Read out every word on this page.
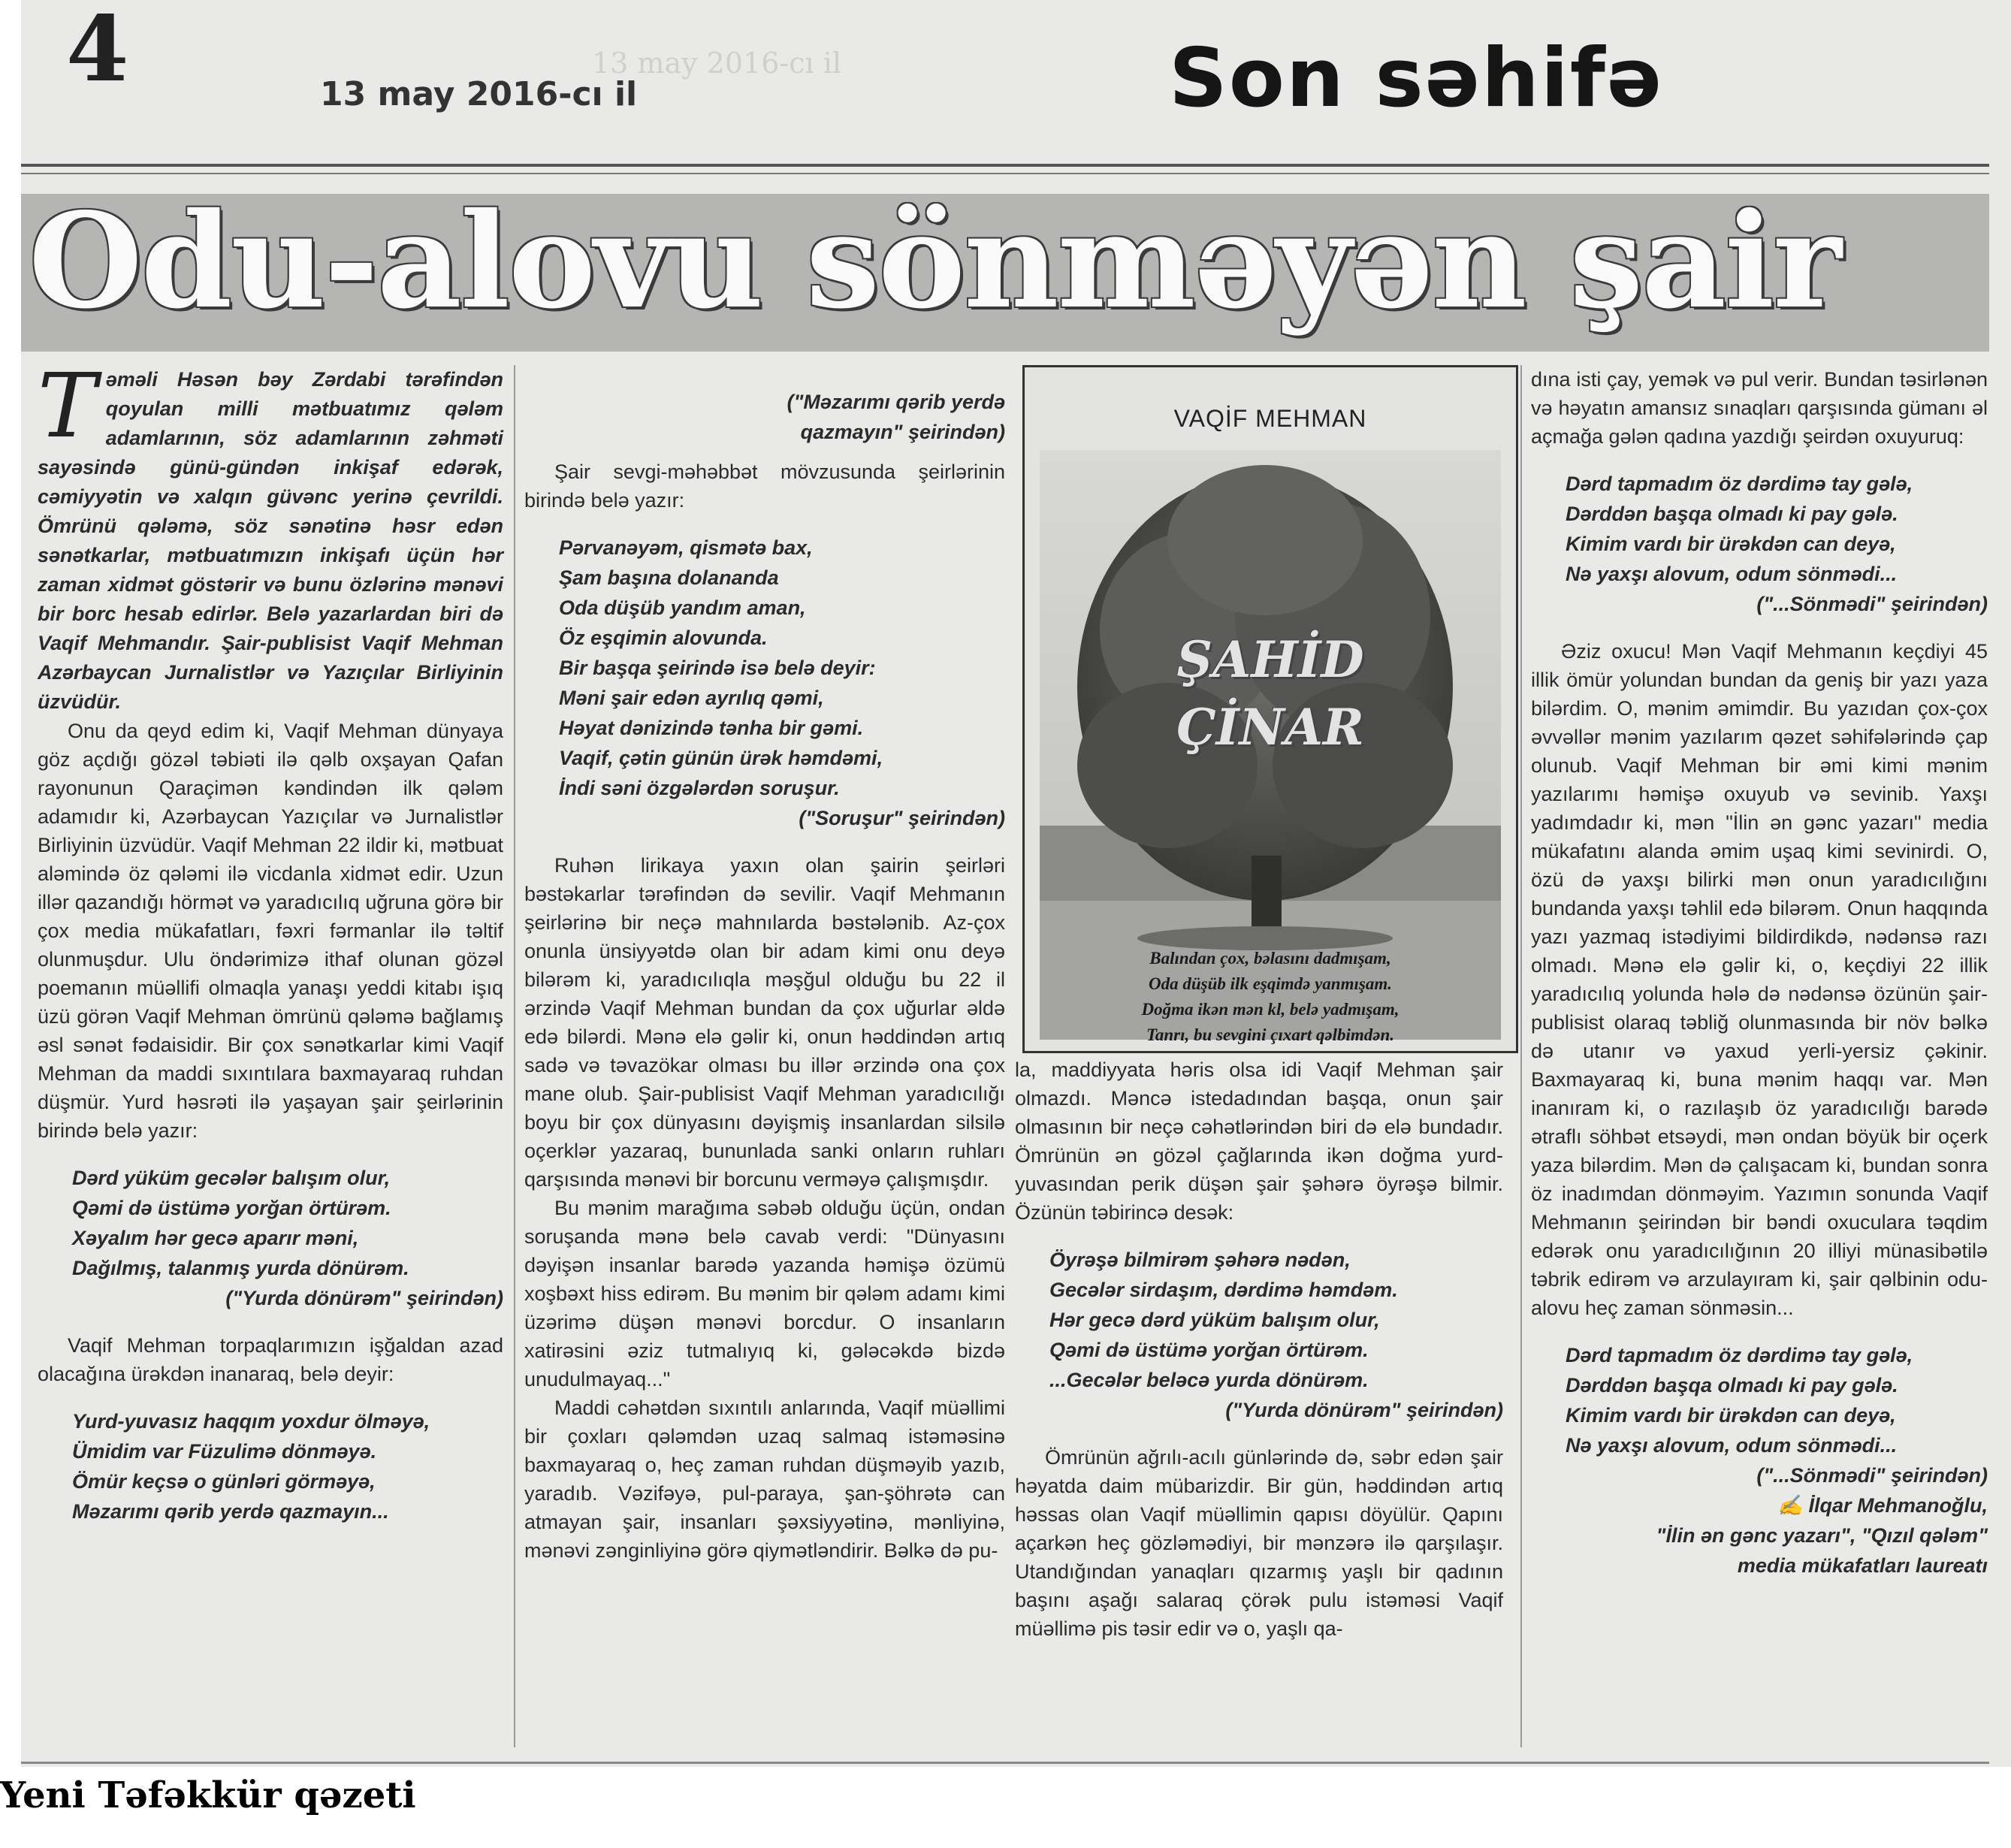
13 may 2016-cı il
4	13 may 2016-cı il	Son səhifə
Odu-alovu sönməyən şair

Təməli Həsən bəy Zərdabi tərəfindən qoyulan milli mətbuatımız qələm adamlarının, söz adamlarının zəhməti sayəsində günü-gündən inkişaf edərək, cəmiyyətin və xalqın güvənc yerinə çevrildi. Ömrünü qələmə, söz sənətinə həsr edən sənətkarlar, mətbuatımızın inkişafı üçün hər zaman xidmət göstərir və bunu özlərinə mənəvi bir borc hesab edirlər. Belə yazarlardan biri də Vaqif Mehmandır. Şair-publisist Vaqif Mehman Azərbaycan Jurnalistlər və Yazıçılar Birliyinin üzvüdür.

Onu da qeyd edim ki, Vaqif Mehman dünyaya göz açdığı gözəl təbiəti ilə qəlb oxşayan Qafan rayonunun Qaraçimən kəndindən ilk qələm adamıdır ki, Azərbaycan Yazıçılar və Jurnalistlər Birliyinin üzvüdür. Vaqif Mehman 22 ildir ki, mətbuat aləmində öz qələmi ilə vicdanla xidmət edir. Uzun illər qazandığı hörmət və yaradıcılıq uğruna görə bir çox media mükafatları, fəxri fərmanlar ilə təltif olunmuşdur. Ulu öndərimizə ithaf olunan gözəl poemanın müəllifi olmaqla yanaşı yeddi kitabı işıq üzü görən Vaqif Mehman ömrünü qələmə bağlamış əsl sənət fədaisidir. Bir çox sənətkarlar kimi Vaqif Mehman da maddi sıxıntılara baxmayaraq ruhdan düşmür. Yurd həsrəti ilə yaşayan şair şeirlərinin birində belə yazır:

Dərd yüküm gecələr balışım olur,
Qəmi də üstümə yorğan örtürəm.
Xəyalım hər gecə aparır məni,
Dağılmış, talanmış yurda dönürəm.
("Yurda dönürəm" şeirindən)

Vaqif Mehman torpaqlarımızın işğaldan azad olacağına ürəkdən inanaraq, belə deyir:

Yurd-yuvasız haqqım yoxdur ölməyə,
Ümidim var Füzulimə dönməyə.
Ömür keçsə o günləri görməyə,
Məzarımı qərib yerdə qazmayın...
("Məzarımı qərib yerdə
qazmayın" şeirindən)

Şair sevgi-məhəbbət mövzusunda şeirlərinin birində belə yazır:

Pərvanəyəm, qismətə bax,
Şam başına dolananda
Oda düşüb yandım aman,
Öz eşqimin alovunda.
Bir başqa şeirində isə belə deyir:
Məni şair edən ayrılıq qəmi,
Həyat dənizində tənha bir gəmi.
Vaqif, çətin günün ürək həmdəmi,
İndi səni özgələrdən soruşur.
("Soruşur" şeirindən)

Ruhən lirikaya yaxın olan şairin şeirləri bəstəkarlar tərəfindən də sevilir. Vaqif Mehmanın şeirlərinə bir neçə mahnılarda bəstələnib. Az-çox onunla ünsiyyətdə olan bir adam kimi onu deyə bilərəm ki, yaradıcılıqla məşğul olduğu bu 22 il ərzində Vaqif Mehman bundan da çox uğurlar əldə edə bilərdi. Mənə elə gəlir ki, onun həddindən artıq sadə və təvazökar olması bu illər ərzində ona çox mane olub. Şair-publisist Vaqif Mehman yaradıcılığı boyu bir çox dünyasını dəyişmiş insanlardan silsilə oçerklər yazaraq, bununlada sanki onların ruhları qarşısında mənəvi bir borcunu verməyə çalışmışdır.

Bu mənim marağıma səbəb olduğu üçün, ondan soruşanda mənə belə cavab verdi: "Dünyasını dəyişən insanlar barədə yazanda həmişə özümü xoşbəxt hiss edirəm. Bu mənim bir qələm adamı kimi üzərimə düşən mənəvi borcdur. O insanların xatirəsini əziz tutmalıyıq ki, gələcəkdə bizdə unudulmayaq..."

Maddi cəhətdən sıxıntılı anlarında, Vaqif müəllimi bir çoxları qələmdən uzaq salmaq istəməsinə baxmayaraq o, heç zaman ruhdan düşməyib yazıb, yaradıb. Vəzifəyə, pul-paraya, şan-şöhrətə can atmayan şair, insanları şəxsiyyətinə, mənliyinə, mənəvi zənginliyinə görə qiymətləndirir. Bəlkə də pu-

VAQİF MEHMAN
ŞAHİD
ÇİNAR
Balından çox, bəlasını dadmışam,
Oda düşüb ilk eşqimdə yanmışam.
Doğma ikən mən kl, belə yadmışam,
Tanrı, bu sevgini çıxart qəlbimdən.

la, maddiyyata həris olsa idi Vaqif Mehman şair olmazdı. Məncə istedadından başqa, onun şair olmasının bir neçə cəhətlərindən biri də elə bundadır. Ömrünün ən gözəl çağlarında ikən doğma yurd-yuvasından perik düşən şair şəhərə öyrəşə bilmir. Özünün təbirincə desək:

Öyrəşə bilmirəm şəhərə nədən,
Gecələr sirdaşım, dərdimə həmdəm.
Hər gecə dərd yüküm balışım olur,
Qəmi də üstümə yorğan örtürəm.
...Gecələr beləcə yurda dönürəm.
("Yurda dönürəm" şeirindən)

Ömrünün ağrılı-acılı günlərində də, səbr edən şair həyatda daim mübarizdir. Bir gün, həddindən artıq həssas olan Vaqif müəllimin qapısı döyülür. Qapını açarkən heç gözləmədiyi, bir mənzərə ilə qarşılaşır. Utandığından yanaqları qızarmış yaşlı bir qadının başını aşağı salaraq çörək pulu istəməsi Vaqif müəllimə pis təsir edir və o, yaşlı qa-

dına isti çay, yemək və pul verir. Bundan təsirlənən və həyatın amansız sınaqları qarşısında gümanı əl açmağa gələn qadına yazdığı şeirdən oxuyuruq:

Dərd tapmadım öz dərdimə tay gələ,
Dərddən başqa olmadı ki pay gələ.
Kimim vardı bir ürəkdən can deyə,
Nə yaxşı alovum, odum sönmədi...
("...Sönmədi" şeirindən)

Əziz oxucu! Mən Vaqif Mehmanın keçdiyi 45 illik ömür yolundan bundan da geniş bir yazı yaza bilərdim. O, mənim əmimdir. Bu yazıdan çox-çox əvvəllər mənim yazılarım qəzet səhifələrində çap olunub. Vaqif Mehman bir əmi kimi mənim yazılarımı həmişə oxuyub və sevinib. Yaxşı yadımdadır ki, mən "İlin ən gənc yazarı" media mükafatını alanda əmim uşaq kimi sevinirdi. O, özü də yaxşı bilirki mən onun yaradıcılığını bundanda yaxşı təhlil edə bilərəm. Onun haqqında yazı yazmaq istədiyimi bildirdikdə, nədənsə razı olmadı. Mənə elə gəlir ki, o, keçdiyi 22 illik yaradıcılıq yolunda hələ də nədənsə özünün şair-publisist olaraq təbliğ olunmasında bir növ bəlkə də utanır və yaxud yerli-yersiz çəkinir. Baxmayaraq ki, buna mənim haqqı var. Mən inanıram ki, o razılaşıb öz yaradıcılığı barədə ətraflı söhbət etsəydi, mən ondan böyük bir oçerk yaza bilərdim. Mən də çalışacam ki, bundan sonra öz inadımdan dönməyim. Yazımın sonunda Vaqif Mehmanın şeirindən bir bəndi oxuculara təqdim edərək onu yaradıcılığının 20 illiyi münasibətilə təbrik edirəm və arzulayıram ki, şair qəlbinin odu-alovu heç zaman sönməsin...

Dərd tapmadım öz dərdimə tay gələ,
Dərddən başqa olmadı ki pay gələ.
Kimim vardı bir ürəkdən can deyə,
Nə yaxşı alovum, odum sönmədi...
("...Sönmədi" şeirindən)
✍ İlqar Mehmanoğlu,
"İlin ən gənc yazarı", "Qızıl qələm"
media mükafatları laureatı
Yeni Təfəkkür qəzeti
